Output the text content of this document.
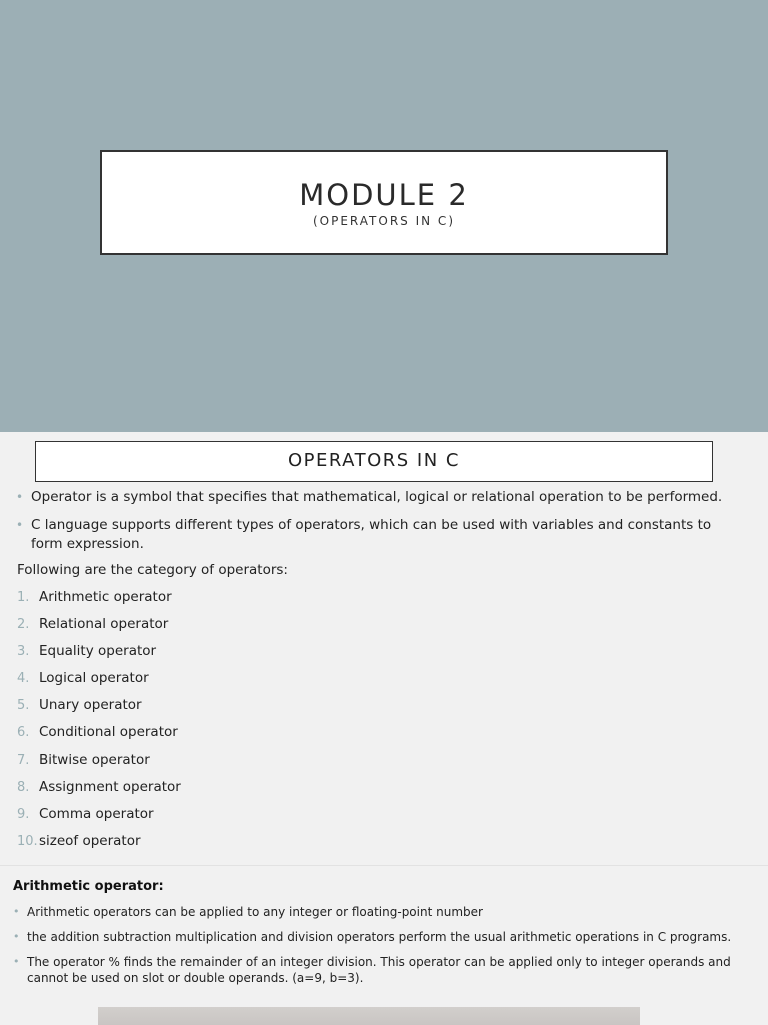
MODULE 2
(OPERATORS IN C)
OPERATORS IN C
• Operator is a symbol that specifies that mathematical, logical or relational operation to be performed.
• C language supports different types of operators, which can be used with variables and constants to form expression.
Following are the category of operators:
1. Arithmetic operator
2. Relational operator
3. Equality operator
4. Logical operator
5. Unary operator
6. Conditional operator
7. Bitwise operator
8. Assignment operator
9. Comma operator
10.sizeof operator
Arithmetic operator:
• Arithmetic operators can be applied to any integer or floating-point number
• the addition subtraction multiplication and division operators perform the usual arithmetic operations in C programs.
• The operator % finds the remainder of an integer division. This operator can be applied only to integer operands and cannot be used on slot or double operands. (a=9, b=3).
